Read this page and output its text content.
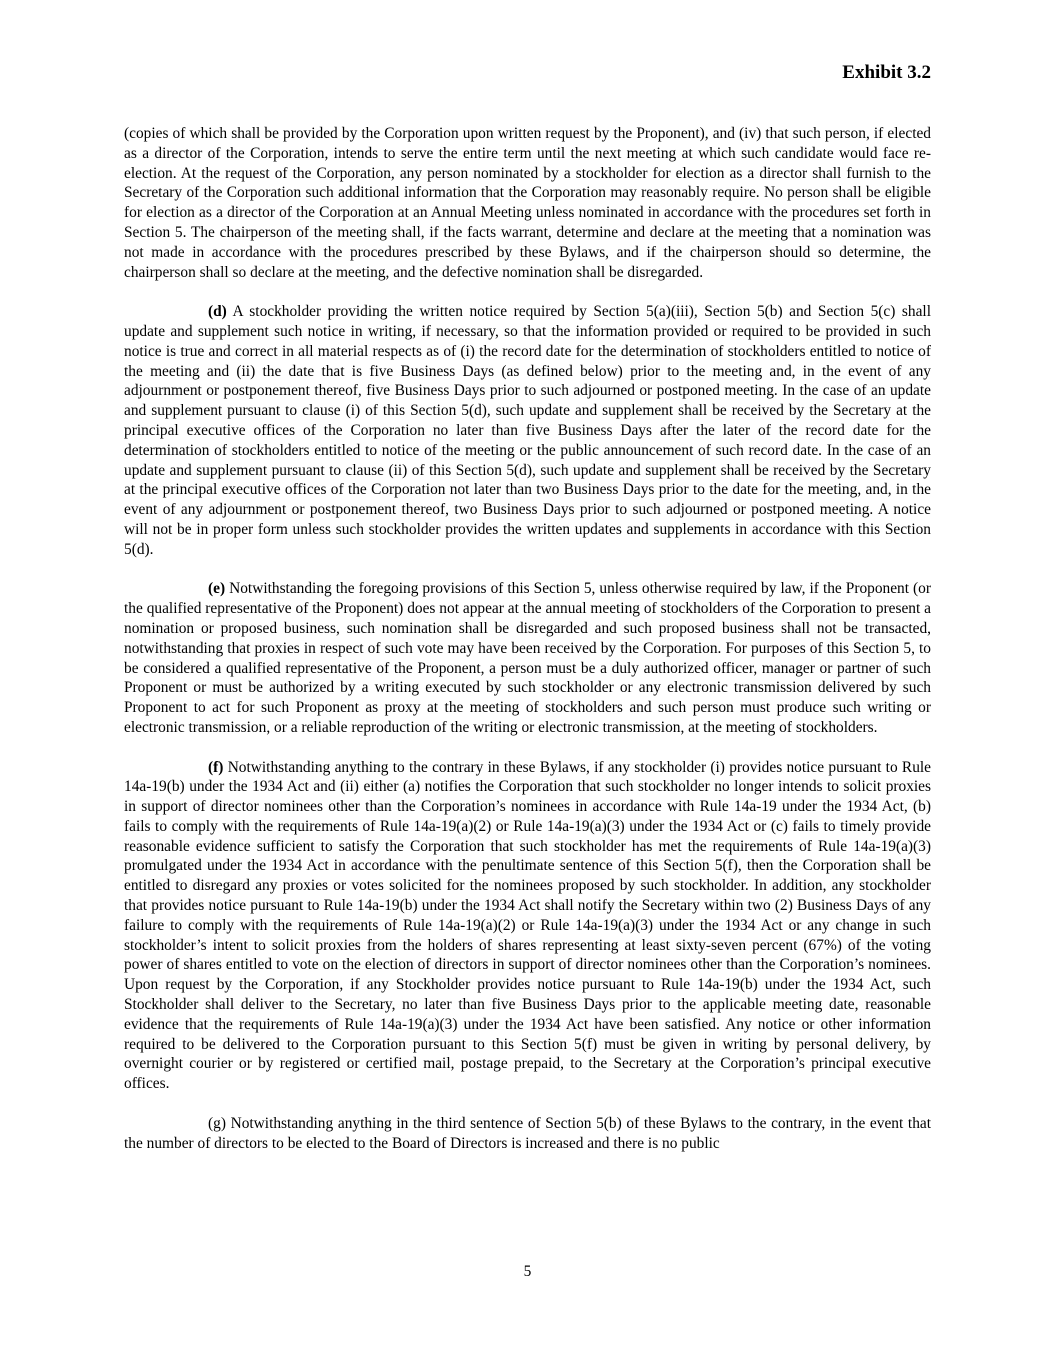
Exhibit 3.2

(copies of which shall be provided by the Corporation upon written request by the Proponent), and (iv) that such person, if elected as a director of the Corporation, intends to serve the entire term until the next meeting at which such candidate would face re-election. At the request of the Corporation, any person nominated by a stockholder for election as a director shall furnish to the Secretary of the Corporation such additional information that the Corporation may reasonably require. No person shall be eligible for election as a director of the Corporation at an Annual Meeting unless nominated in accordance with the procedures set forth in Section 5. The chairperson of the meeting shall, if the facts warrant, determine and declare at the meeting that a nomination was not made in accordance with the procedures prescribed by these Bylaws, and if the chairperson should so determine, the chairperson shall so declare at the meeting, and the defective nomination shall be disregarded.

(d) A stockholder providing the written notice required by Section 5(a)(iii), Section 5(b) and Section 5(c) shall update and supplement such notice in writing, if necessary, so that the information provided or required to be provided in such notice is true and correct in all material respects as of (i) the record date for the determination of stockholders entitled to notice of the meeting and (ii) the date that is five Business Days (as defined below) prior to the meeting and, in the event of any adjournment or postponement thereof, five Business Days prior to such adjourned or postponed meeting. In the case of an update and supplement pursuant to clause (i) of this Section 5(d), such update and supplement shall be received by the Secretary at the principal executive offices of the Corporation no later than five Business Days after the later of the record date for the determination of stockholders entitled to notice of the meeting or the public announcement of such record date. In the case of an update and supplement pursuant to clause (ii) of this Section 5(d), such update and supplement shall be received by the Secretary at the principal executive offices of the Corporation not later than two Business Days prior to the date for the meeting, and, in the event of any adjournment or postponement thereof, two Business Days prior to such adjourned or postponed meeting. A notice will not be in proper form unless such stockholder provides the written updates and supplements in accordance with this Section 5(d).

(e) Notwithstanding the foregoing provisions of this Section 5, unless otherwise required by law, if the Proponent (or the qualified representative of the Proponent) does not appear at the annual meeting of stockholders of the Corporation to present a nomination or proposed business, such nomination shall be disregarded and such proposed business shall not be transacted, notwithstanding that proxies in respect of such vote may have been received by the Corporation. For purposes of this Section 5, to be considered a qualified representative of the Proponent, a person must be a duly authorized officer, manager or partner of such Proponent or must be authorized by a writing executed by such stockholder or any electronic transmission delivered by such Proponent to act for such Proponent as proxy at the meeting of stockholders and such person must produce such writing or electronic transmission, or a reliable reproduction of the writing or electronic transmission, at the meeting of stockholders.

(f) Notwithstanding anything to the contrary in these Bylaws, if any stockholder (i) provides notice pursuant to Rule 14a-19(b) under the 1934 Act and (ii) either (a) notifies the Corporation that such stockholder no longer intends to solicit proxies in support of director nominees other than the Corporation’s nominees in accordance with Rule 14a-19 under the 1934 Act, (b) fails to comply with the requirements of Rule 14a-19(a)(2) or Rule 14a-19(a)(3) under the 1934 Act or (c) fails to timely provide reasonable evidence sufficient to satisfy the Corporation that such stockholder has met the requirements of Rule 14a-19(a)(3) promulgated under the 1934 Act in accordance with the penultimate sentence of this Section 5(f), then the Corporation shall be entitled to disregard any proxies or votes solicited for the nominees proposed by such stockholder. In addition, any stockholder that provides notice pursuant to Rule 14a-19(b) under the 1934 Act shall notify the Secretary within two (2) Business Days of any failure to comply with the requirements of Rule 14a-19(a)(2) or Rule 14a-19(a)(3) under the 1934 Act or any change in such stockholder’s intent to solicit proxies from the holders of shares representing at least sixty-seven percent (67%) of the voting power of shares entitled to vote on the election of directors in support of director nominees other than the Corporation’s nominees. Upon request by the Corporation, if any Stockholder provides notice pursuant to Rule 14a-19(b) under the 1934 Act, such Stockholder shall deliver to the Secretary, no later than five Business Days prior to the applicable meeting date, reasonable evidence that the requirements of Rule 14a-19(a)(3) under the 1934 Act have been satisfied. Any notice or other information required to be delivered to the Corporation pursuant to this Section 5(f) must be given in writing by personal delivery, by overnight courier or by registered or certified mail, postage prepaid, to the Secretary at the Corporation’s principal executive offices.

(g) Notwithstanding anything in the third sentence of Section 5(b) of these Bylaws to the contrary, in the event that the number of directors to be elected to the Board of Directors is increased and there is no public

5
